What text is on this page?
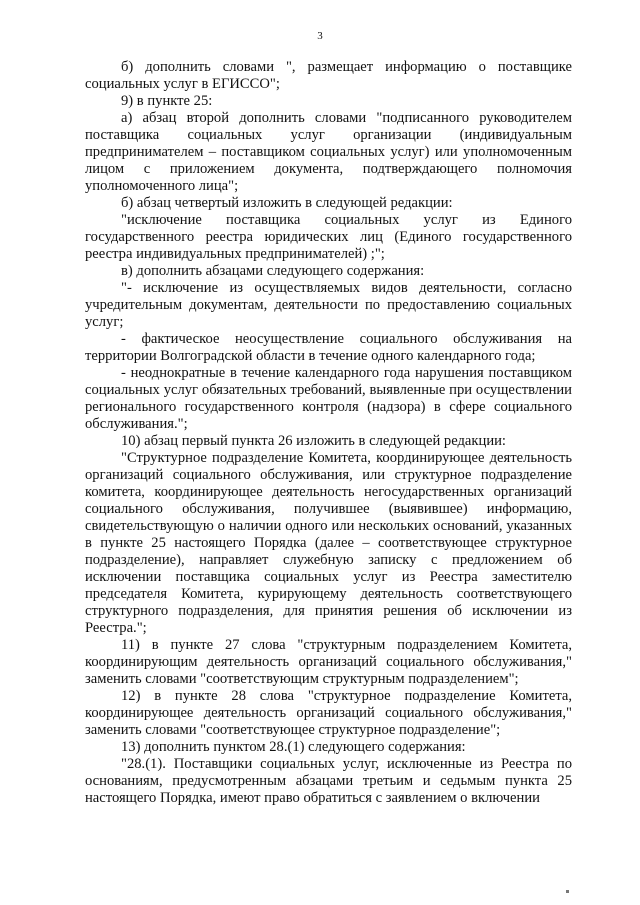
3

б) дополнить словами ", размещает информацию о поставщике социальных услуг в ЕГИССО";

9) в пункте 25:

а) абзац второй дополнить словами "подписанного руководителем поставщика социальных услуг организации (индивидуальным предпринимателем – поставщиком социальных услуг) или уполномоченным лицом с приложением документа, подтверждающего полномочия уполномоченного лица";

б) абзац четвертый изложить в следующей редакции:

"исключение поставщика социальных услуг из Единого государственного реестра юридических лиц (Единого государственного реестра индивидуальных предпринимателей) ;";

в) дополнить абзацами следующего содержания:

"- исключение из осуществляемых видов деятельности, согласно учредительным документам, деятельности по предоставлению социальных услуг;

- фактическое неосуществление социального обслуживания на территории Волгоградской области в течение одного календарного года;

- неоднократные в течение календарного года нарушения поставщиком социальных услуг обязательных требований, выявленные при осуществлении регионального государственного контроля (надзора) в сфере социального обслуживания.";

10) абзац первый пункта 26 изложить в следующей редакции:

"Структурное подразделение Комитета, координирующее деятельность организаций социального обслуживания, или структурное подразделение комитета, координирующее деятельность негосударственных организаций социального обслуживания, получившее (выявившее) информацию, свидетельствующую о наличии одного или нескольких оснований, указанных в пункте 25 настоящего Порядка (далее – соответствующее структурное подразделение), направляет служебную записку с предложением об исключении поставщика социальных услуг из Реестра заместителю председателя Комитета, курирующему деятельность соответствующего структурного подразделения, для принятия решения об исключении из Реестра.";

11) в пункте 27 слова "структурным подразделением Комитета, координирующим деятельность организаций социального обслуживания," заменить словами "соответствующим структурным подразделением";

12) в пункте 28 слова "структурное подразделение Комитета, координирующее деятельность организаций социального обслуживания," заменить словами "соответствующее структурное подразделение";

13) дополнить пунктом 28.(1) следующего содержания:

"28.(1). Поставщики социальных услуг, исключенные из Реестра по основаниям, предусмотренным абзацами третьим и седьмым пункта 25 настоящего Порядка, имеют право обратиться с заявлением о включении
